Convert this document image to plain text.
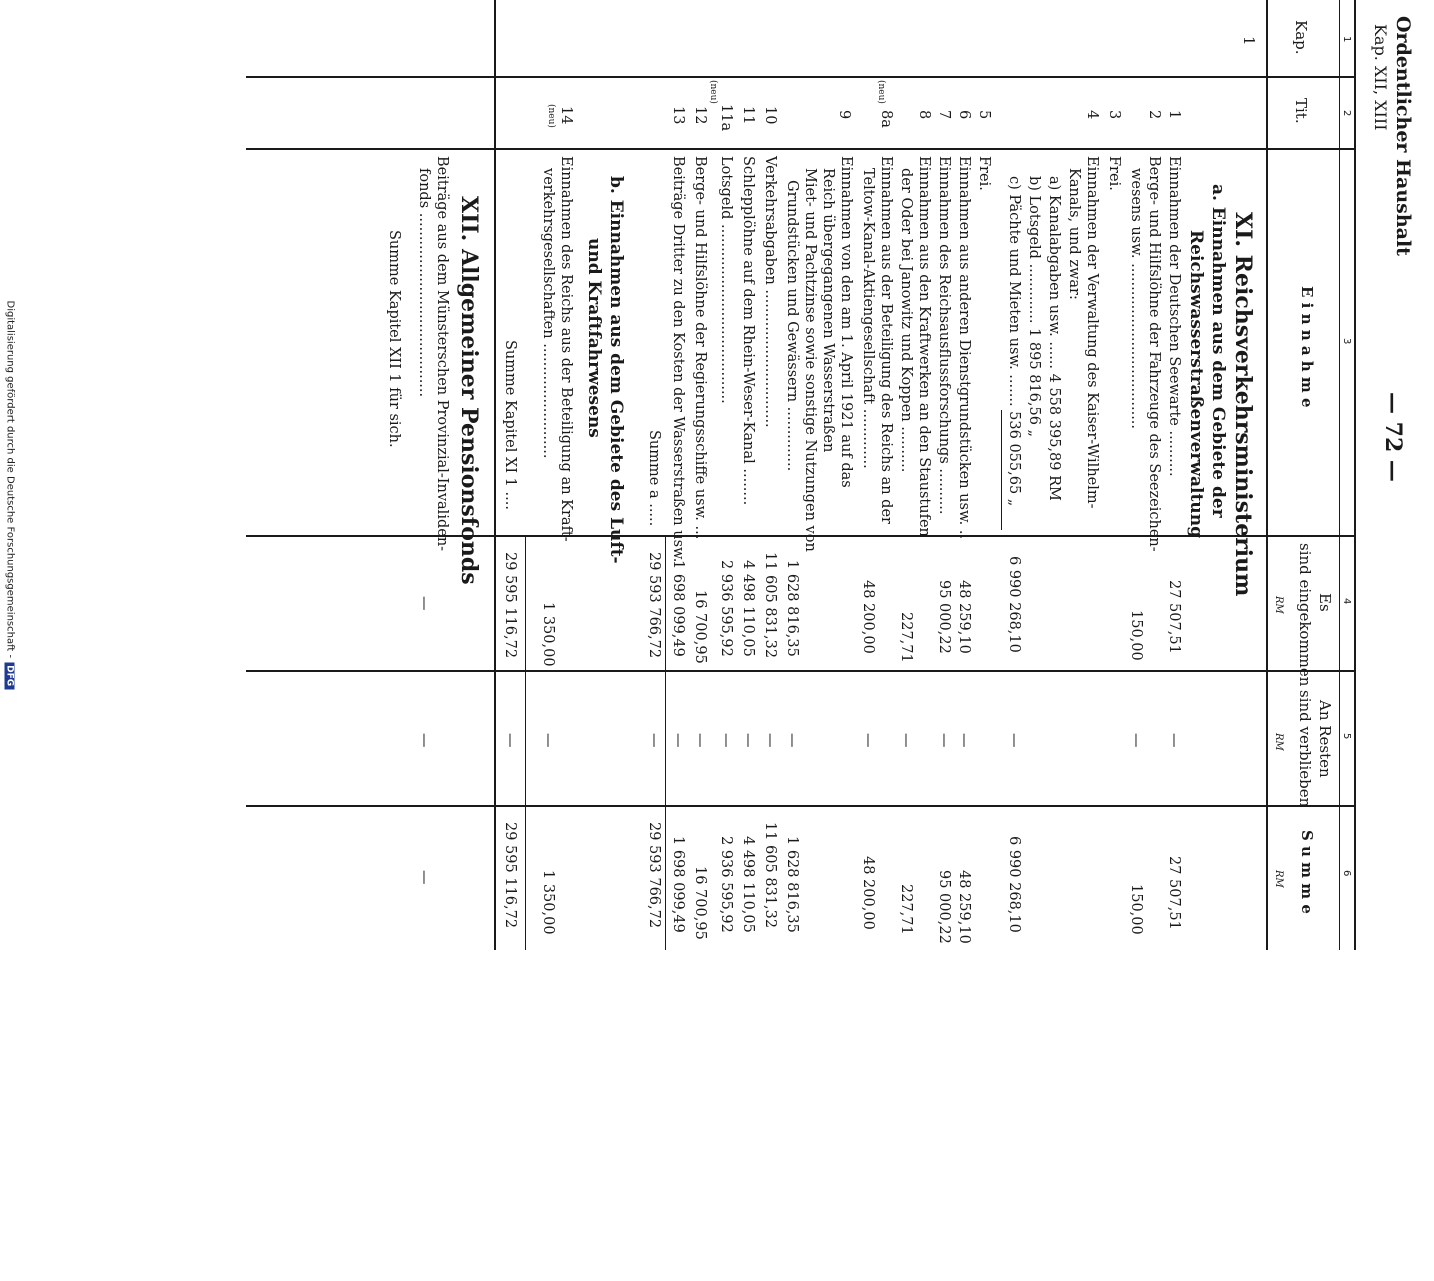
Ordentlicher Haushalt
Kap. XII, XIII
— 72 —
1
2
3
4
5
6
Kap.
Tit.
E i n n a h m e
Es
sind eingekommen
RM
An Resten
sind verblieben
RM
S u m m e
RM
1
XI. Reichsverkehrsministerium
a. Einnahmen aus dem Gebiete der
Reichswasserstraßenverwaltung
1
Einnahmen der Deutschen Seewarte ..........
27 507,51
—
27 507,51
2
Berge- und Hilfslöhne der Fahrzeuge des Seezeichen-
wesens usw. ....................................
150,00
—
150,00
3
Frei.
4
Einnahmen der Verwaltung des Kaiser-Wilhelm-
Kanals, und zwar:
a) Kanalabgaben usw. ...... 4 558 395,89 RM
b) Lotsgeld ............. 1 895 816,56 „
c) Pächte und Mieten usw. ....... 536 055,65 „
6 990 268,10
—
6 990 268,10
5
Frei.
6
Einnahmen aus anderen Dienstgrundstücken usw. ..
48 259,10
—
48 259,10
7
Einnahmen des Reichsausflussforschungs ..........
95 000,22
—
95 000,22
8
Einnahmen aus den Kraftwerken an den Staustufen
der Oder bei Janowitz und Koppen ..........
227,71
—
227,71
(neu)
8a
Einnahmen aus der Beteiligung des Reichs an der
Teltow-Kanal-Aktiengesellschaft .............
48 200,00
—
48 200,00
9
Einnahmen von den am 1. April 1921 auf das
Reich übergegangenen Wasserstraßen
Miet- und Pachtzinse sowie sonstige Nutzungen von
Grundstücken und Gewässern ..............
1 628 816,35
—
1 628 816,35
10
Verkehrsabgaben ..............................
11 605 831,32
—
11 605 831,32
11
Schlepplöhne auf dem Rhein-Weser-Kanal ........
4 498 110,05
—
4 498 110,05
(neu)
11a
Lotsgeld .......................................
2 936 595,92
—
2 936 595,92
12
Berge- und Hilfslöhne der Regierungsschiffe usw. ...
16 700,95
—
16 700,95
13
Beiträge Dritter zu den Kosten der Wasserstraßen usw.
1 698 099,49
—
1 698 099,49
Summe a .....
29 593 766,72
—
29 593 766,72
b. Einnahmen aus dem Gebiete des Luft-
und Kraftfahrwesens
(neu) 14
Einnahmen des Reichs aus der Beteiligung an Kraft-
verkehrsgesellschaften .........................
1 350,00
—
1 350,00
Summe Kapitel XI 1 ....
29 595 116,72
—
29 595 116,72
XII. Allgemeiner Pensionsfonds
Beiträge aus dem Münsterschen Provinzial-Invaliden-
fonds ........................................
—
—
—
Summe Kapitel XII 1 für sich.
Digitalisierung gefördert durch die Deutsche Forschungsgemeinschaft -DFG
